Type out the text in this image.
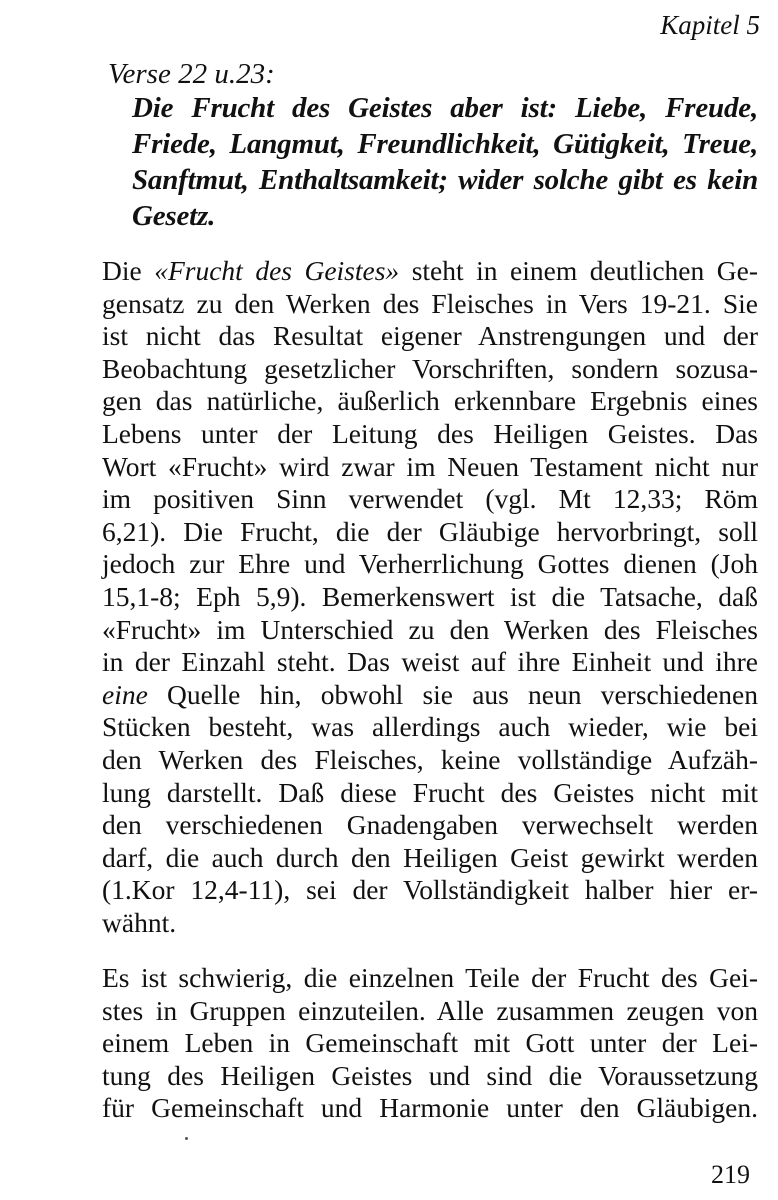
Kapitel 5
Verse 22 u.23:
Die Frucht des Geistes aber ist: Liebe, Freude,
Friede, Langmut, Freundlichkeit, Gütigkeit, Treue,
Sanftmut, Enthaltsamkeit; wider solche gibt es kein
Gesetz.
Die «Frucht des Geistes» steht in einem deutlichen Ge-
gensatz zu den Werken des Fleisches in Vers 19-21. Sie
ist nicht das Resultat eigener Anstrengungen und der
Beobachtung gesetzlicher Vorschriften, sondern sozusa-
gen das natürliche, äußerlich erkennbare Ergebnis eines
Lebens unter der Leitung des Heiligen Geistes. Das
Wort «Frucht» wird zwar im Neuen Testament nicht nur
im positiven Sinn verwendet (vgl. Mt 12,33; Röm
6,21). Die Frucht, die der Gläubige hervorbringt, soll
jedoch zur Ehre und Verherrlichung Gottes dienen (Joh
15,1-8; Eph 5,9). Bemerkenswert ist die Tatsache, daß
«Frucht» im Unterschied zu den Werken des Fleisches
in der Einzahl steht. Das weist auf ihre Einheit und ihre
eine Quelle hin, obwohl sie aus neun verschiedenen
Stücken besteht, was allerdings auch wieder, wie bei
den Werken des Fleisches, keine vollständige Aufzäh-
lung darstellt. Daß diese Frucht des Geistes nicht mit
den verschiedenen Gnadengaben verwechselt werden
darf, die auch durch den Heiligen Geist gewirkt werden
(1.Kor 12,4-11), sei der Vollständigkeit halber hier er-
wähnt.
Es ist schwierig, die einzelnen Teile der Frucht des Gei-
stes in Gruppen einzuteilen. Alle zusammen zeugen von
einem Leben in Gemeinschaft mit Gott unter der Lei-
tung des Heiligen Geistes und sind die Voraussetzung
für Gemeinschaft und Harmonie unter den Gläubigen.
219
